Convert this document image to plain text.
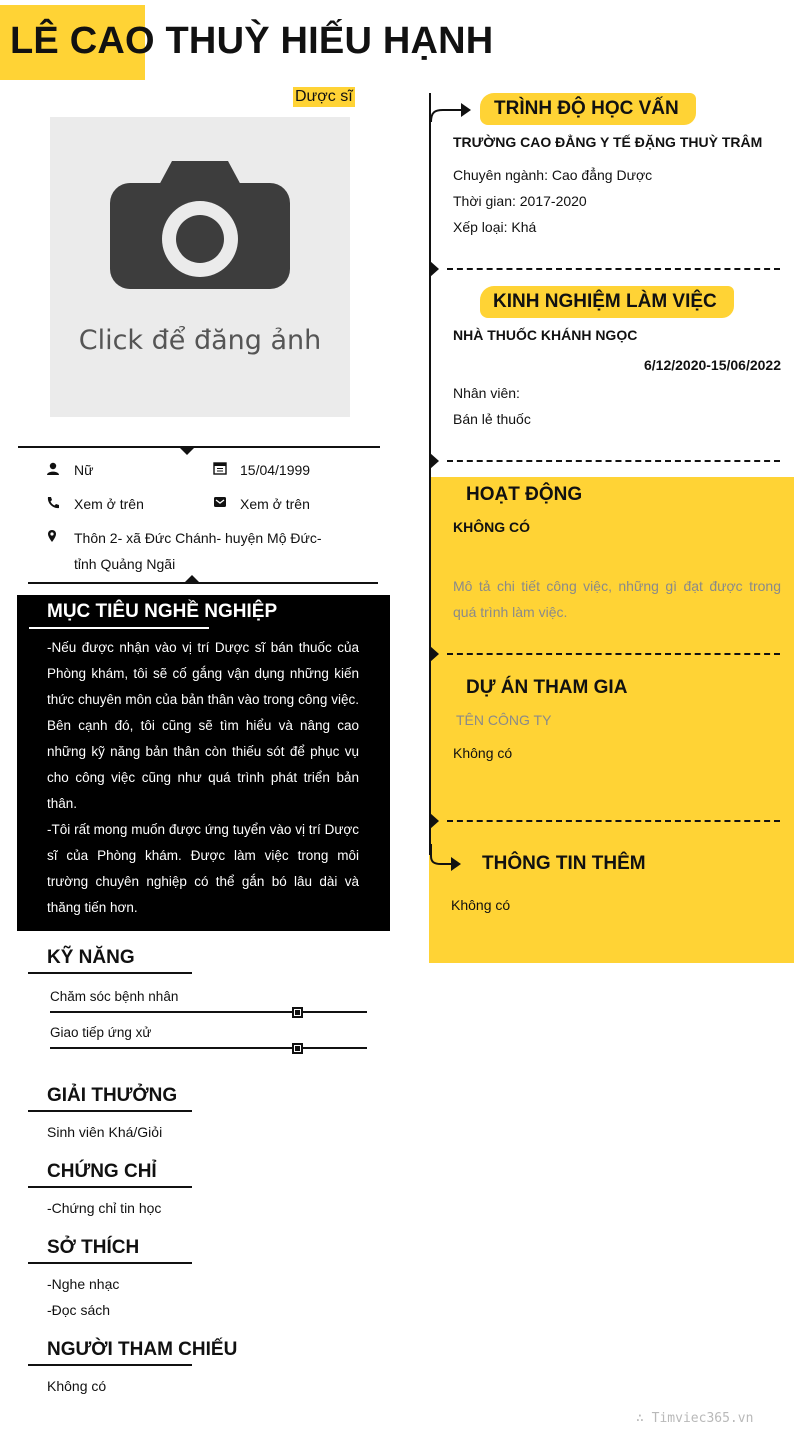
LÊ CAO THUỲ HIẾU HẠNH
Dược sĩ
Click để đăng ảnh
Nữ	15/04/1999
Xem ở trên	Xem ở trên
Thôn 2- xã Đức Chánh- huyện Mộ Đức-
tỉnh Quảng Ngãi
MỤC TIÊU NGHỀ NGHIỆP
-Nếu được nhận vào vị trí Dược sĩ bán thuốc của Phòng khám, tôi sẽ cố gắng vận dụng những kiến thức chuyên môn của bản thân vào trong công việc. Bên cạnh đó, tôi cũng sẽ tìm hiểu và nâng cao những kỹ năng bản thân còn thiếu sót để phục vụ cho công việc cũng như quá trình phát triển bản thân.
-Tôi rất mong muốn được ứng tuyển vào vị trí Dược sĩ của Phòng khám. Được làm việc trong môi trường chuyên nghiệp có thể gắn bó lâu dài và thăng tiến hơn.
KỸ NĂNG
Chăm sóc bệnh nhân
Giao tiếp ứng xử
GIẢI THƯỞNG
Sinh viên Khá/Giỏi
CHỨNG CHỈ
-Chứng chỉ tin học
SỞ THÍCH
-Nghe nhạc
-Đọc sách
NGƯỜI THAM CHIẾU
Không có
TRÌNH ĐỘ HỌC VẤN
TRƯỜNG CAO ĐẲNG Y TẾ ĐẶNG THUỲ TRÂM
Chuyên ngành: Cao đẳng Dược
Thời gian: 2017-2020
Xếp loại: Khá
KINH NGHIỆM LÀM VIỆC
NHÀ THUỐC KHÁNH NGỌC
6/12/2020-15/06/2022
Nhân viên:
Bán lẻ thuốc
HOẠT ĐỘNG
KHÔNG CÓ
Mô tả chi tiết công việc, những gì đạt được trong quá trình làm việc.
DỰ ÁN THAM GIA
TÊN CÔNG TY
Không có
THÔNG TIN THÊM
Không có
∴ Timviec365.vn
